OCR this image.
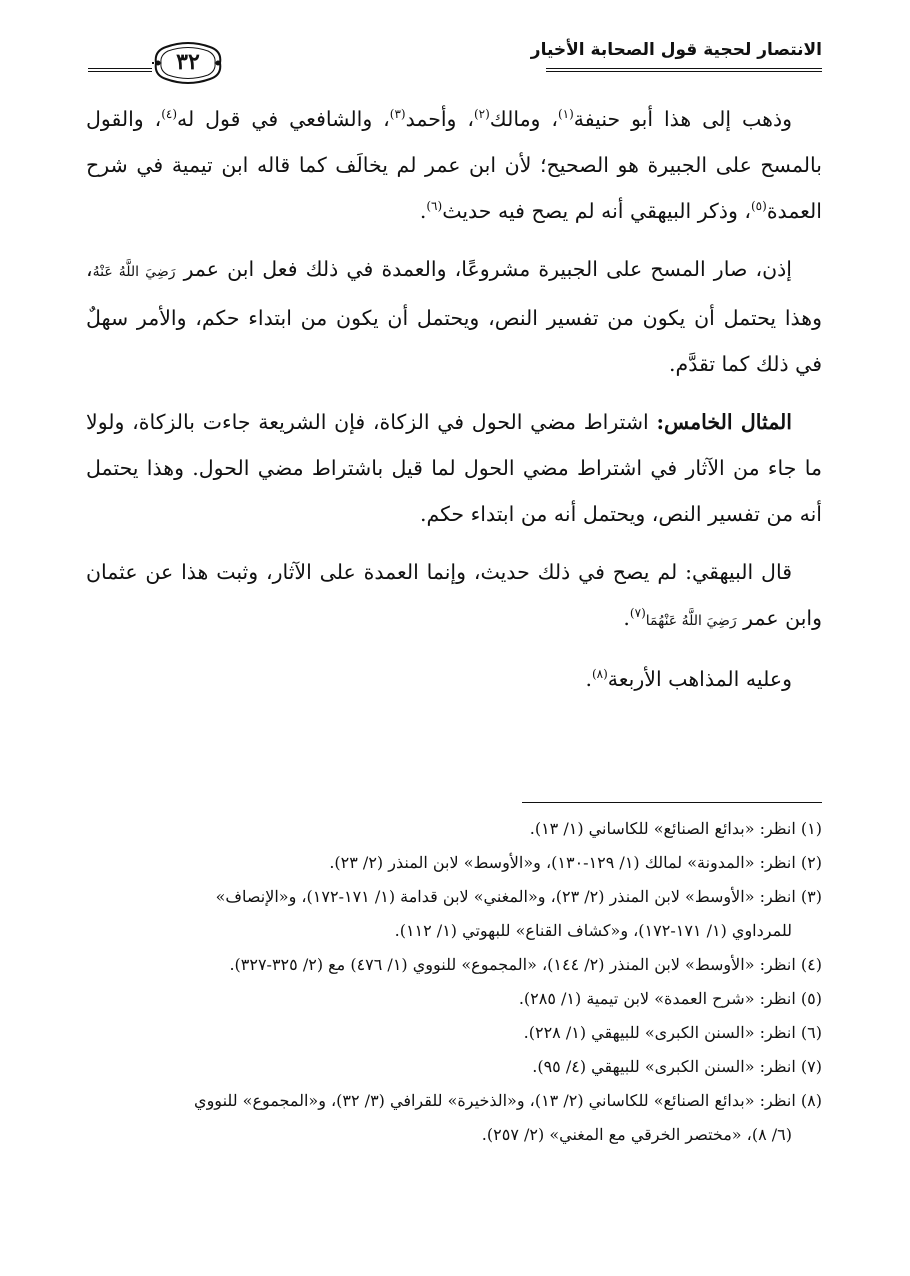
الانتصار لحجية قول الصحابة الأخيار
٣٢

وذهب إلى هذا أبو حنيفة$^{(١)}$، ومالك$^{(٢)}$، وأحمد$^{(٣)}$، والشافعي في قول له$^{(٤)}$، والقول بالمسح على الجبيرة هو الصحيح؛ لأن ابن عمر لم يخالَف كما قاله ابن تيمية في شرح العمدة$^{(٥)}$، وذكر البيهقي أنه لم يصح فيه حديث$^{(٦)}$.

إذن، صار المسح على الجبيرة مشروعًا، والعمدة في ذلك فعل ابن عمر رَضِيَ اللَّهُ عَنْهُ، وهذا يحتمل أن يكون من تفسير النص، ويحتمل أن يكون من ابتداء حكم، والأمر سهلٌ في ذلك كما تقدَّم.

المثال الخامس: اشتراط مضي الحول في الزكاة، فإن الشريعة جاءت بالزكاة، ولولا ما جاء من الآثار في اشتراط مضي الحول لما قيل باشتراط مضي الحول. وهذا يحتمل أنه من تفسير النص، ويحتمل أنه من ابتداء حكم.

قال البيهقي: لم يصح في ذلك حديث، وإنما العمدة على الآثار، وثبت هذا عن عثمان وابن عمر رَضِيَ اللَّهُ عَنْهُمَا$^{(٧)}$.

وعليه المذاهب الأربعة$^{(٨)}$.

(١) انظر: «بدائع الصنائع» للكاساني (١/ ١٣).

(٢) انظر: «المدونة» لمالك (١/ ١٢٩-١٣٠)، و«الأوسط» لابن المنذر (٢/ ٢٣).

(٣) انظر: «الأوسط» لابن المنذر (٢/ ٢٣)، و«المغني» لابن قدامة (١/ ١٧١-١٧٢)، و«الإنصاف»

للمرداوي (١/ ١٧١-١٧٢)، و«كشاف القناع» للبهوتي (١/ ١١٢).

(٤) انظر: «الأوسط» لابن المنذر (٢/ ١٤٤)، «المجموع» للنووي (١/ ٤٧٦) مع (٢/ ٣٢٥-٣٢٧).

(٥) انظر: «شرح العمدة» لابن تيمية (١/ ٢٨٥).

(٦) انظر: «السنن الكبرى» للبيهقي (١/ ٢٢٨).

(٧) انظر: «السنن الكبرى» للبيهقي (٤/ ٩٥).

(٨) انظر: «بدائع الصنائع» للكاساني (٢/ ١٣)، و«الذخيرة» للقرافي (٣/ ٣٢)، و«المجموع» للنووي

(٦/ ٨)، «مختصر الخرقي مع المغني» (٢/ ٢٥٧).
